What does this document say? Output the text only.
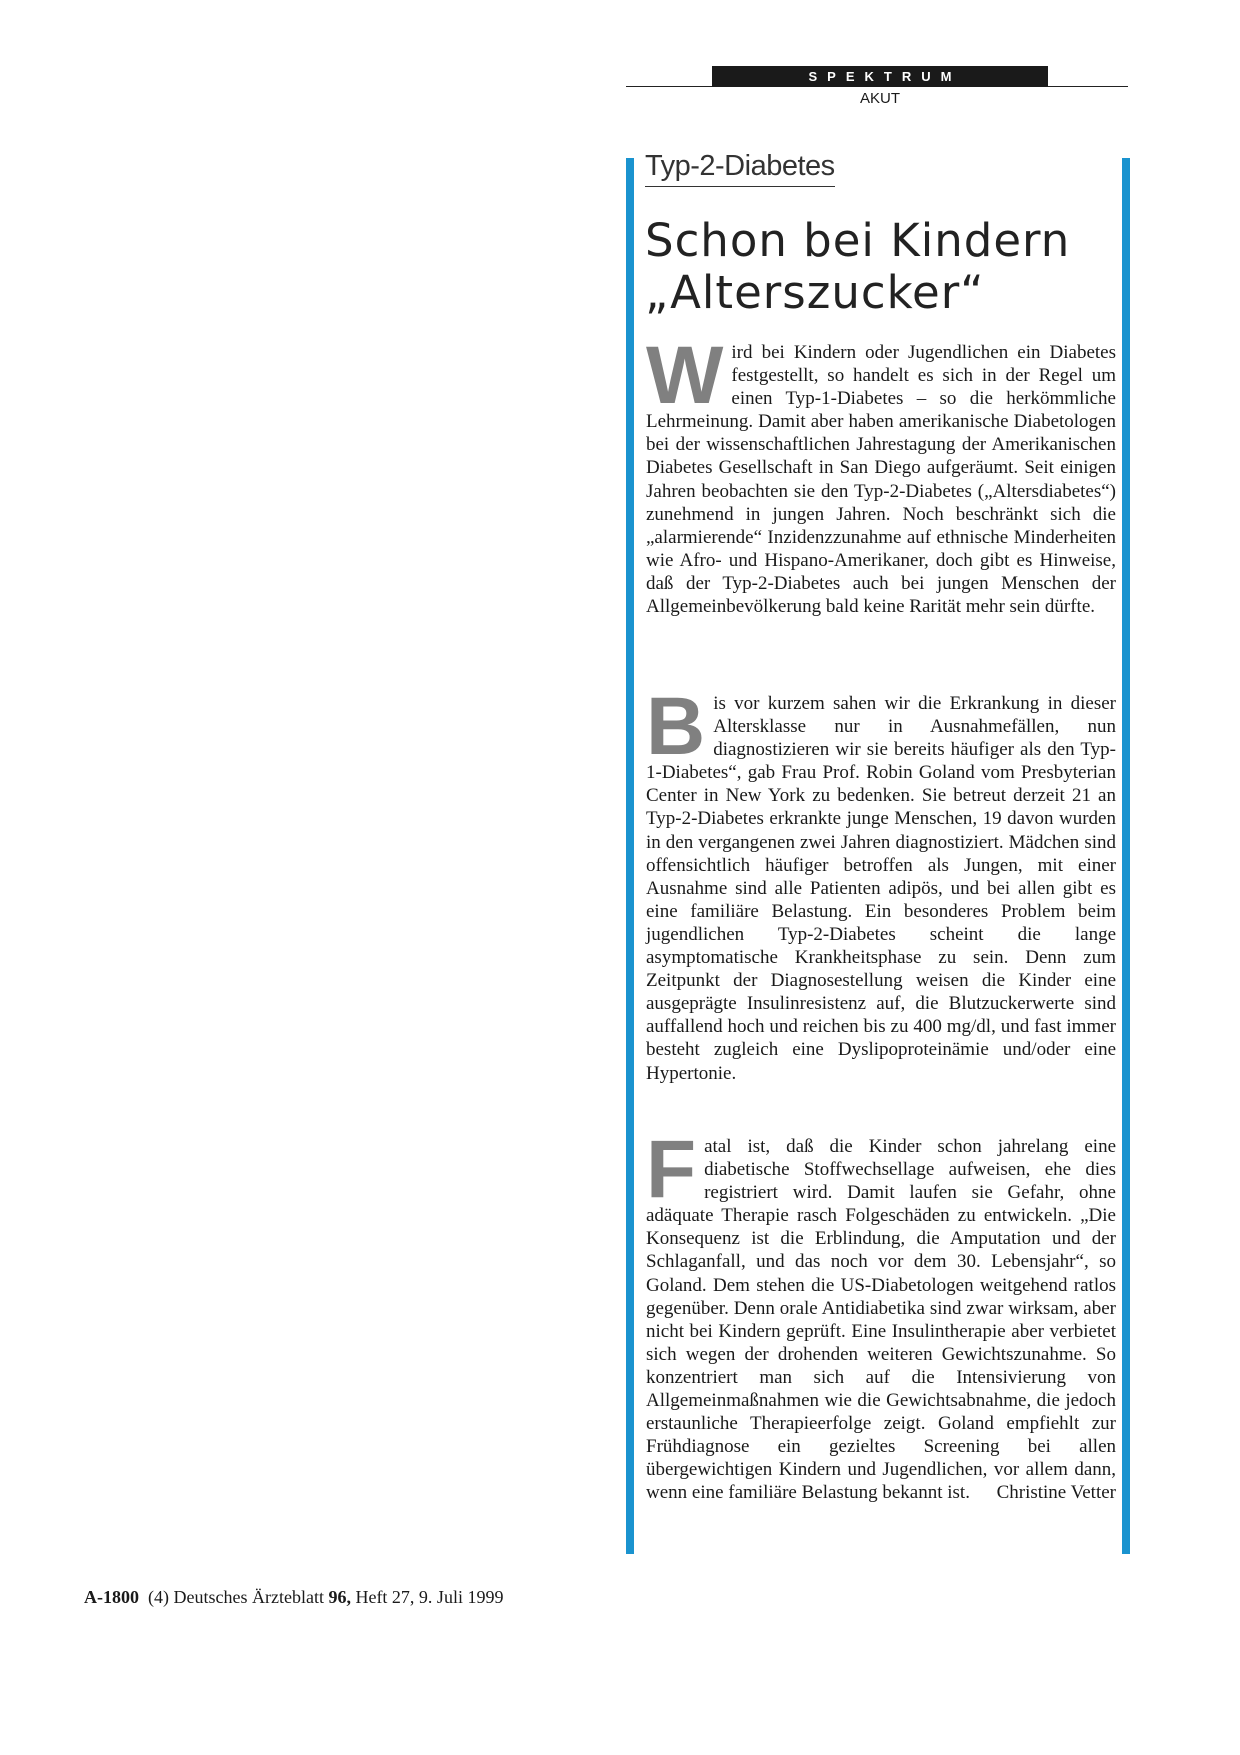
SPEKTRUM
AKUT
Typ-2-Diabetes
Schon bei Kindern
„Alterszucker“

Wird bei Kindern oder Jugendlichen ein Diabetes festgestellt, so handelt es sich in der Regel um einen Typ-1-Diabetes – so die herkömmliche Lehrmeinung. Damit aber haben amerikanische Diabetologen bei der wissenschaftlichen Jahrestagung der Amerikanischen Diabetes Gesellschaft in San Diego aufgeräumt. Seit einigen Jahren beobachten sie den Typ-2-Diabetes („Altersdiabetes“) zunehmend in jungen Jahren. Noch beschränkt sich die „alarmierende“ Inzidenzzunahme auf ethnische Minderheiten wie Afro- und Hispano-Amerikaner, doch gibt es Hinweise, daß der Typ-2-Diabetes auch bei jungen Menschen der Allgemeinbevölkerung bald keine Rarität mehr sein dürfte.

Bis vor kurzem sahen wir die Erkrankung in dieser Altersklasse nur in Ausnahmefällen, nun diagnostizieren wir sie bereits häufiger als den Typ-1-Diabetes“, gab Frau Prof. Robin Goland vom Presbyterian Center in New York zu bedenken. Sie betreut derzeit 21 an Typ-2-Diabetes erkrankte junge Menschen, 19 davon wurden in den vergangenen zwei Jahren diagnostiziert. Mädchen sind offensichtlich häufiger betroffen als Jungen, mit einer Ausnahme sind alle Patienten adipös, und bei allen gibt es eine familiäre Belastung. Ein besonderes Problem beim jugendlichen Typ-2-Diabetes scheint die lange asymptomatische Krankheitsphase zu sein. Denn zum Zeitpunkt der Diagnosestellung weisen die Kinder eine ausgeprägte Insulinresistenz auf, die Blutzuckerwerte sind auffallend hoch und reichen bis zu 400 mg/dl, und fast immer besteht zugleich eine Dyslipoproteinämie und/oder eine Hypertonie.

Fatal ist, daß die Kinder schon jahrelang eine diabetische Stoffwechsellage aufweisen, ehe dies registriert wird. Damit laufen sie Gefahr, ohne adäquate Therapie rasch Folgeschäden zu entwickeln. „Die Konsequenz ist die Erblindung, die Amputation und der Schlaganfall, und das noch vor dem 30. Lebensjahr“, so Goland. Dem stehen die US-Diabetologen weitgehend ratlos gegenüber. Denn orale Antidiabetika sind zwar wirksam, aber nicht bei Kindern geprüft. Eine Insulintherapie aber verbietet sich wegen der drohenden weiteren Gewichtszunahme. So konzentriert man sich auf die Intensivierung von Allgemeinmaßnahmen wie die Gewichtsabnahme, die jedoch erstaunliche Therapieerfolge zeigt. Goland empfiehlt zur Frühdiagnose ein gezieltes Screening bei allen übergewichtigen Kindern und Jugendlichen, vor allem dann, wenn eine familiäre Belastung bekannt ist. Christine Vetter

A-1800 (4) Deutsches Ärzteblatt 96, Heft 27, 9. Juli 1999
